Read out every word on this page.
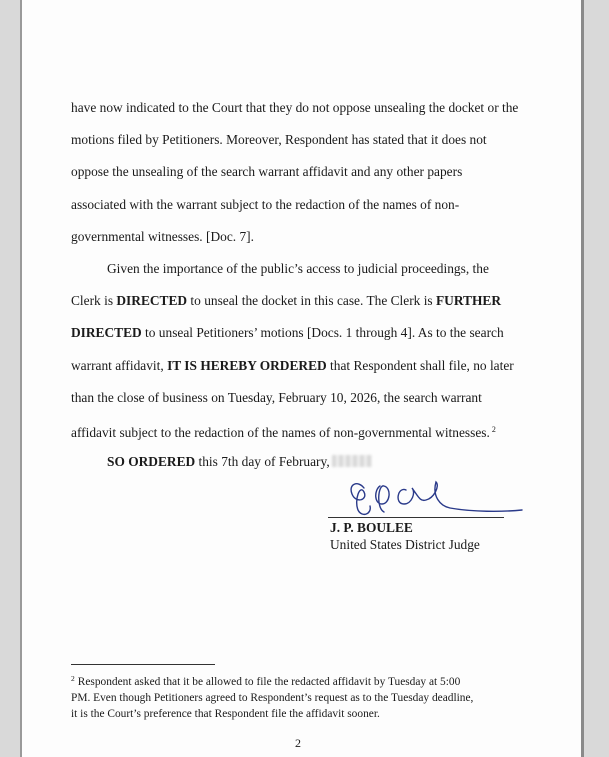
have now indicated to the Court that they do not oppose unsealing the docket or the
motions filed by Petitioners. Moreover, Respondent has stated that it does not
oppose the unsealing of the search warrant affidavit and any other papers
associated with the warrant subject to the redaction of the names of non-
governmental witnesses. [Doc. 7].

Given the importance of the public’s access to judicial proceedings, the
Clerk is DIRECTED to unseal the docket in this case. The Clerk is FURTHER
DIRECTED to unseal Petitioners’ motions [Docs. 1 through 4]. As to the search
warrant affidavit, IT IS HEREBY ORDERED that Respondent shall file, no later
than the close of business on Tuesday, February 10, 2026, the search warrant
affidavit subject to the redaction of the names of non-governmental witnesses. $^2$

SO ORDERED this 7th day of February,

J. P. BOULEE

United States District Judge

$^2$ Respondent asked that it be allowed to file the redacted affidavit by Tuesday at 5:00
PM. Even though Petitioners agreed to Respondent’s request as to the Tuesday deadline,
it is the Court’s preference that Respondent file the affidavit sooner.

2
